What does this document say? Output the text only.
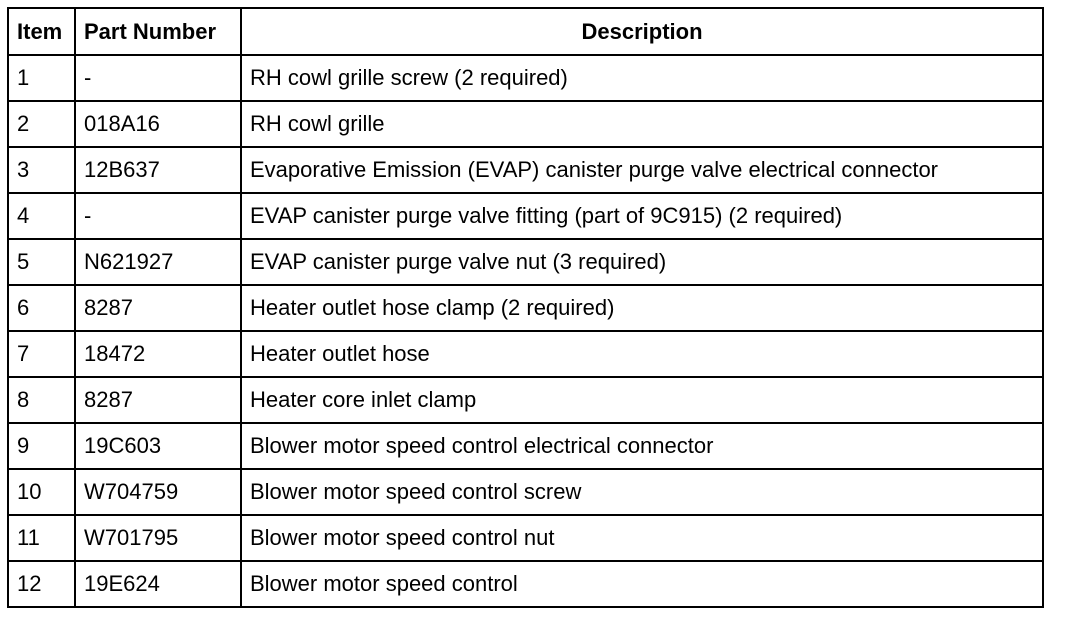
Item	Part Number	Description
1	-	RH cowl grille screw (2 required)
2	018A16	RH cowl grille
3	12B637	Evaporative Emission (EVAP) canister purge valve electrical connector
4	-	EVAP canister purge valve fitting (part of 9C915) (2 required)
5	N621927	EVAP canister purge valve nut (3 required)
6	8287	Heater outlet hose clamp (2 required)
7	18472	Heater outlet hose
8	8287	Heater core inlet clamp
9	19C603	Blower motor speed control electrical connector
10	W704759	Blower motor speed control screw
11	W701795	Blower motor speed control nut
12	19E624	Blower motor speed control
